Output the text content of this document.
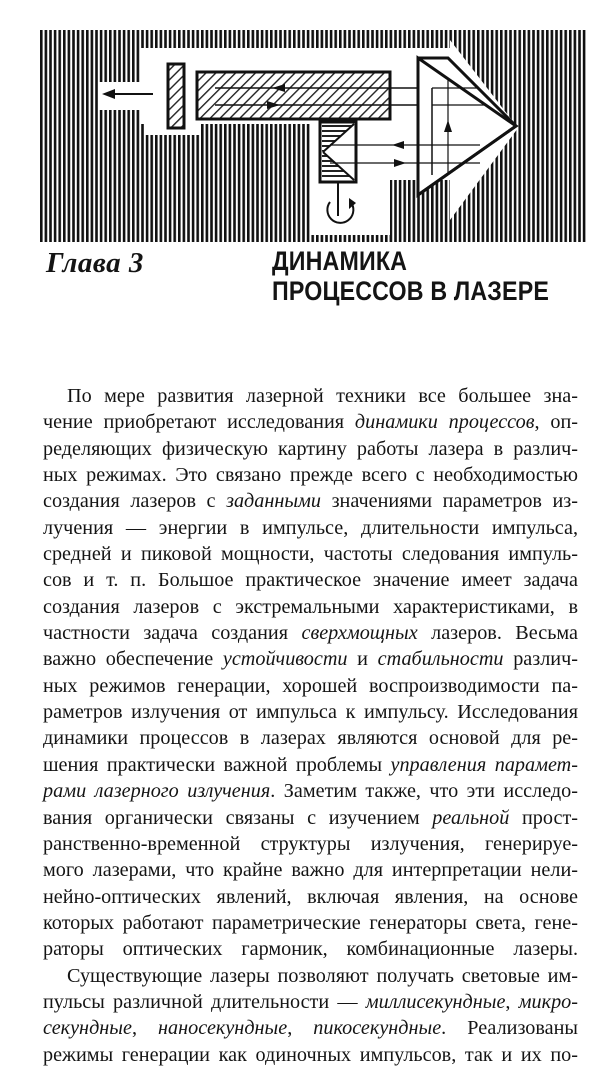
Глава 3	ДИНАМИКА
ПРОЦЕССОВ В ЛАЗЕРЕ
По мере развития лазерной техники все большее зна-
чение приобретают исследования динамики процессов, оп-
ределяющих физическую картину работы лазера в различ-
ных режимах. Это связано прежде всего с необходимостью
создания лазеров с заданными значениями параметров из-
лучения — энергии в импульсе, длительности импульса,
средней и пиковой мощности, частоты следования импуль-
сов и т. п. Большое практическое значение имеет задача
создания лазеров с экстремальными характеристиками, в
частности задача создания сверхмощных лазеров. Весьма
важно обеспечение устойчивости и стабильности различ-
ных режимов генерации, хорошей воспроизводимости па-
раметров излучения от импульса к импульсу. Исследования
динамики процессов в лазерах являются основой для ре-
шения практически важной проблемы управления парамет-
рами лазерного излучения. Заметим также, что эти исследо-
вания органически связаны с изучением реальной прост-
ранственно-временной структуры излучения, генерируе-
мого лазерами, что крайне важно для интерпретации нели-
нейно-оптических явлений, включая явления, на основе
которых работают параметрические генераторы света, гене-
раторы оптических гармоник, комбинационные лазеры.
Существующие лазеры позволяют получать световые им-
пульсы различной длительности — миллисекундные, микро-
секундные, наносекундные, пикосекундные. Реализованы
режимы генерации как одиночных импульсов, так и их по-
